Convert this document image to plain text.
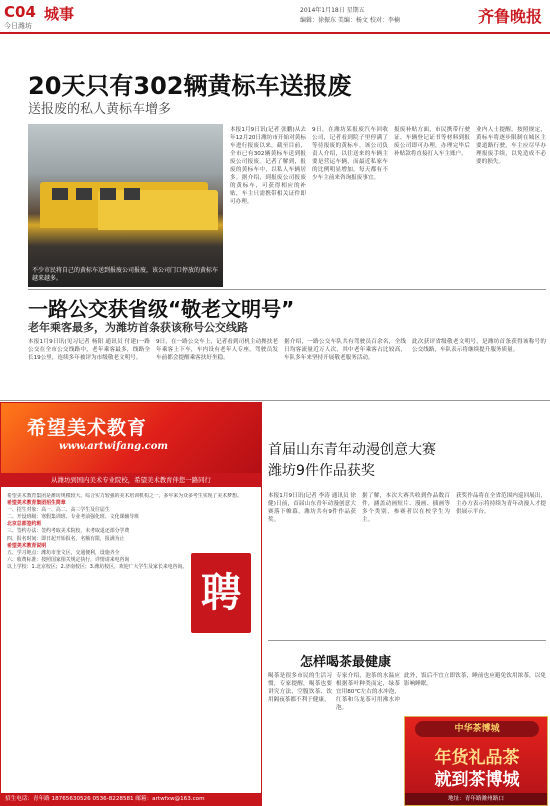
C04 城事
今日潍坊
2014年1月18日 星期五
编辑：徐振东 美编：杨文 校对：李楠	齐鲁晚报
20天只有302辆黄标车送报废
送报废的私人黄标车增多
不少市民将自己的黄标车送到报废公司报废，该公司门口停放的黄标车越来越多。
本报1月9日讯(记者 张鹏)从去年12月20日潍坊市开始对黄标车进行报废以来，截至目前，全市已有302辆黄标车送到报废公司报废。记者了解到，报废的黄标车中，以私人车辆居多。据介绍，到报废公司报废的黄标车，可获得相应的补贴，车主只需携带相关证件即可办理。
9日，在潍坊某报废汽车回收公司，记者看到院子里停满了等待报废的黄标车。该公司负责人介绍，以往送来的车辆主要是营运车辆，而最近私家车的比例明显增加，每天都有不少车主前来咨询报废事宜。
报废补贴方面，市民携带行驶证、车辆登记证书等材料到报废公司即可办理，办理完毕后补贴款将直接打入车主账户。
业内人士提醒，按照规定，黄标车将逐步限制在城区主要道路行驶，车主应尽早办理报废手续，以免造成不必要的损失。
一路公交获省级“敬老文明号”
老年乘客最多，为潍坊首条获该称号公交线路
本报1月9日讯(见习记者 杨阳 通讯员 付建)一路公交在全市公交线路中，老年乘客最多，线路全长19公里，连续多年被评为市级敬老文明号。
9日，在一路公交车上，记者看到司机主动搀扶老年乘客上下车，车内设有老年人专座，驾驶员发车前都会提醒乘客扶好坐稳。
据介绍，一路公交车队共有驾驶员百余名，全线日均客流量近万人次，其中老年乘客占比较高，车队多年来坚持开展敬老服务活动。
此次获评省级敬老文明号，是潍坊首条获得该称号的公交线路，车队表示将继续提升服务质量。
希望美术教育
www.artwifang.com
从潍坊到国内美术专业院校，希望美术教育伴您一路同行

希望美术教育集团是潍坊规模较大、综合实力较强的美术培训机构之一，多年来为众多考生实现了美术梦想。

希望美术教育集团招生简章

一、招生对象：高一、高二、高三学生及往届生

二、开设班级：寒假集训班、专业考前强化班、文化课辅导班

北京总部签约班

三、签约办法：签约考取美术院校，未考取退还部分学费

四、报名时间：即日起开始报名，名额有限，报满为止

希望美术教育说明

五、学习地点：潍坊市奎文区，交通便利，设施齐全

六、收费标准：按照国家相关规定执行，详情请来电咨询

以上学校：1.北京校区；2.济南校区；3.潍坊校区，欢迎广大学生及家长来电咨询。

聘
招生电话：青年路 18765630526 0536-8228581 邮箱：artwfxw@163.com
首届山东青年动漫创意大赛
潍坊9件作品获奖
本报1月9日讯(记者 李涛 通讯员 徐健)日前，首届山东青年动漫创意大赛落下帷幕，潍坊共有9件作品获奖。
据了解，本次大赛共收到作品数百件，涵盖动画短片、漫画、插画等多个类别，参赛者以在校学生为主。
获奖作品将在全省范围内巡回展出，主办方表示将持续为青年动漫人才提供展示平台。
怎样喝茶最健康
喝茶是很多市民的生活习惯，专家提醒，喝茶也要讲究方法，空腹饮茶、饮用隔夜茶都不利于健康。
专家介绍，泡茶的水温应根据茶叶种类而定，绿茶宜用80℃左右的水冲泡，红茶和乌龙茶可用沸水冲泡。
此外，饭后不宜立即饮茶，睡前也应避免饮用浓茶，以免影响睡眠。
中华茶博城
年货礼品茶
就到茶博城
地址：青年路潍州路口
